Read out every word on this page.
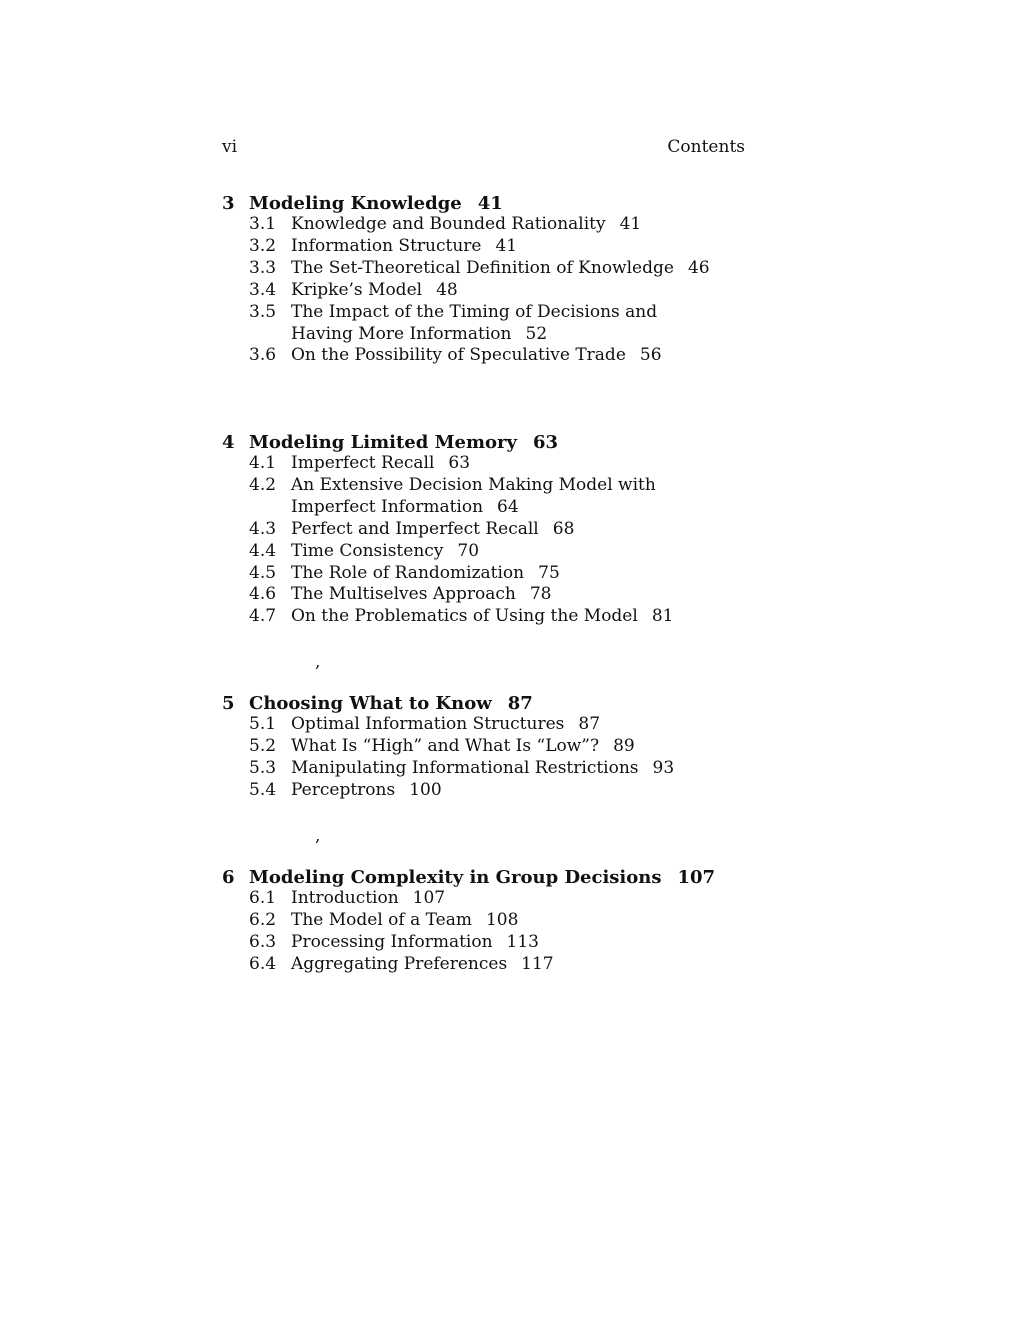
vi	Contents
3 Modeling Knowledge 41
3.1 Knowledge and Bounded Rationality 41
3.2 Information Structure 41
3.3 The Set-Theoretical Definition of Knowledge 46
3.4 Kripke’s Model 48
3.5 The Impact of the Timing of Decisions and Having More Information 52
3.6 On the Possibility of Speculative Trade 56
4 Modeling Limited Memory 63
4.1 Imperfect Recall 63
4.2 An Extensive Decision Making Model with Imperfect Information 64
4.3 Perfect and Imperfect Recall 68
4.4 Time Consistency 70
4.5 The Role of Randomization 75
4.6 The Multiselves Approach 78
4.7 On the Problematics of Using the Model 81
,
5 Choosing What to Know 87
5.1 Optimal Information Structures 87
5.2 What Is “High” and What Is “Low”? 89
5.3 Manipulating Informational Restrictions 93
5.4 Perceptrons 100
,
6 Modeling Complexity in Group Decisions 107
6.1 Introduction 107
6.2 The Model of a Team 108
6.3 Processing Information 113
6.4 Aggregating Preferences 117
